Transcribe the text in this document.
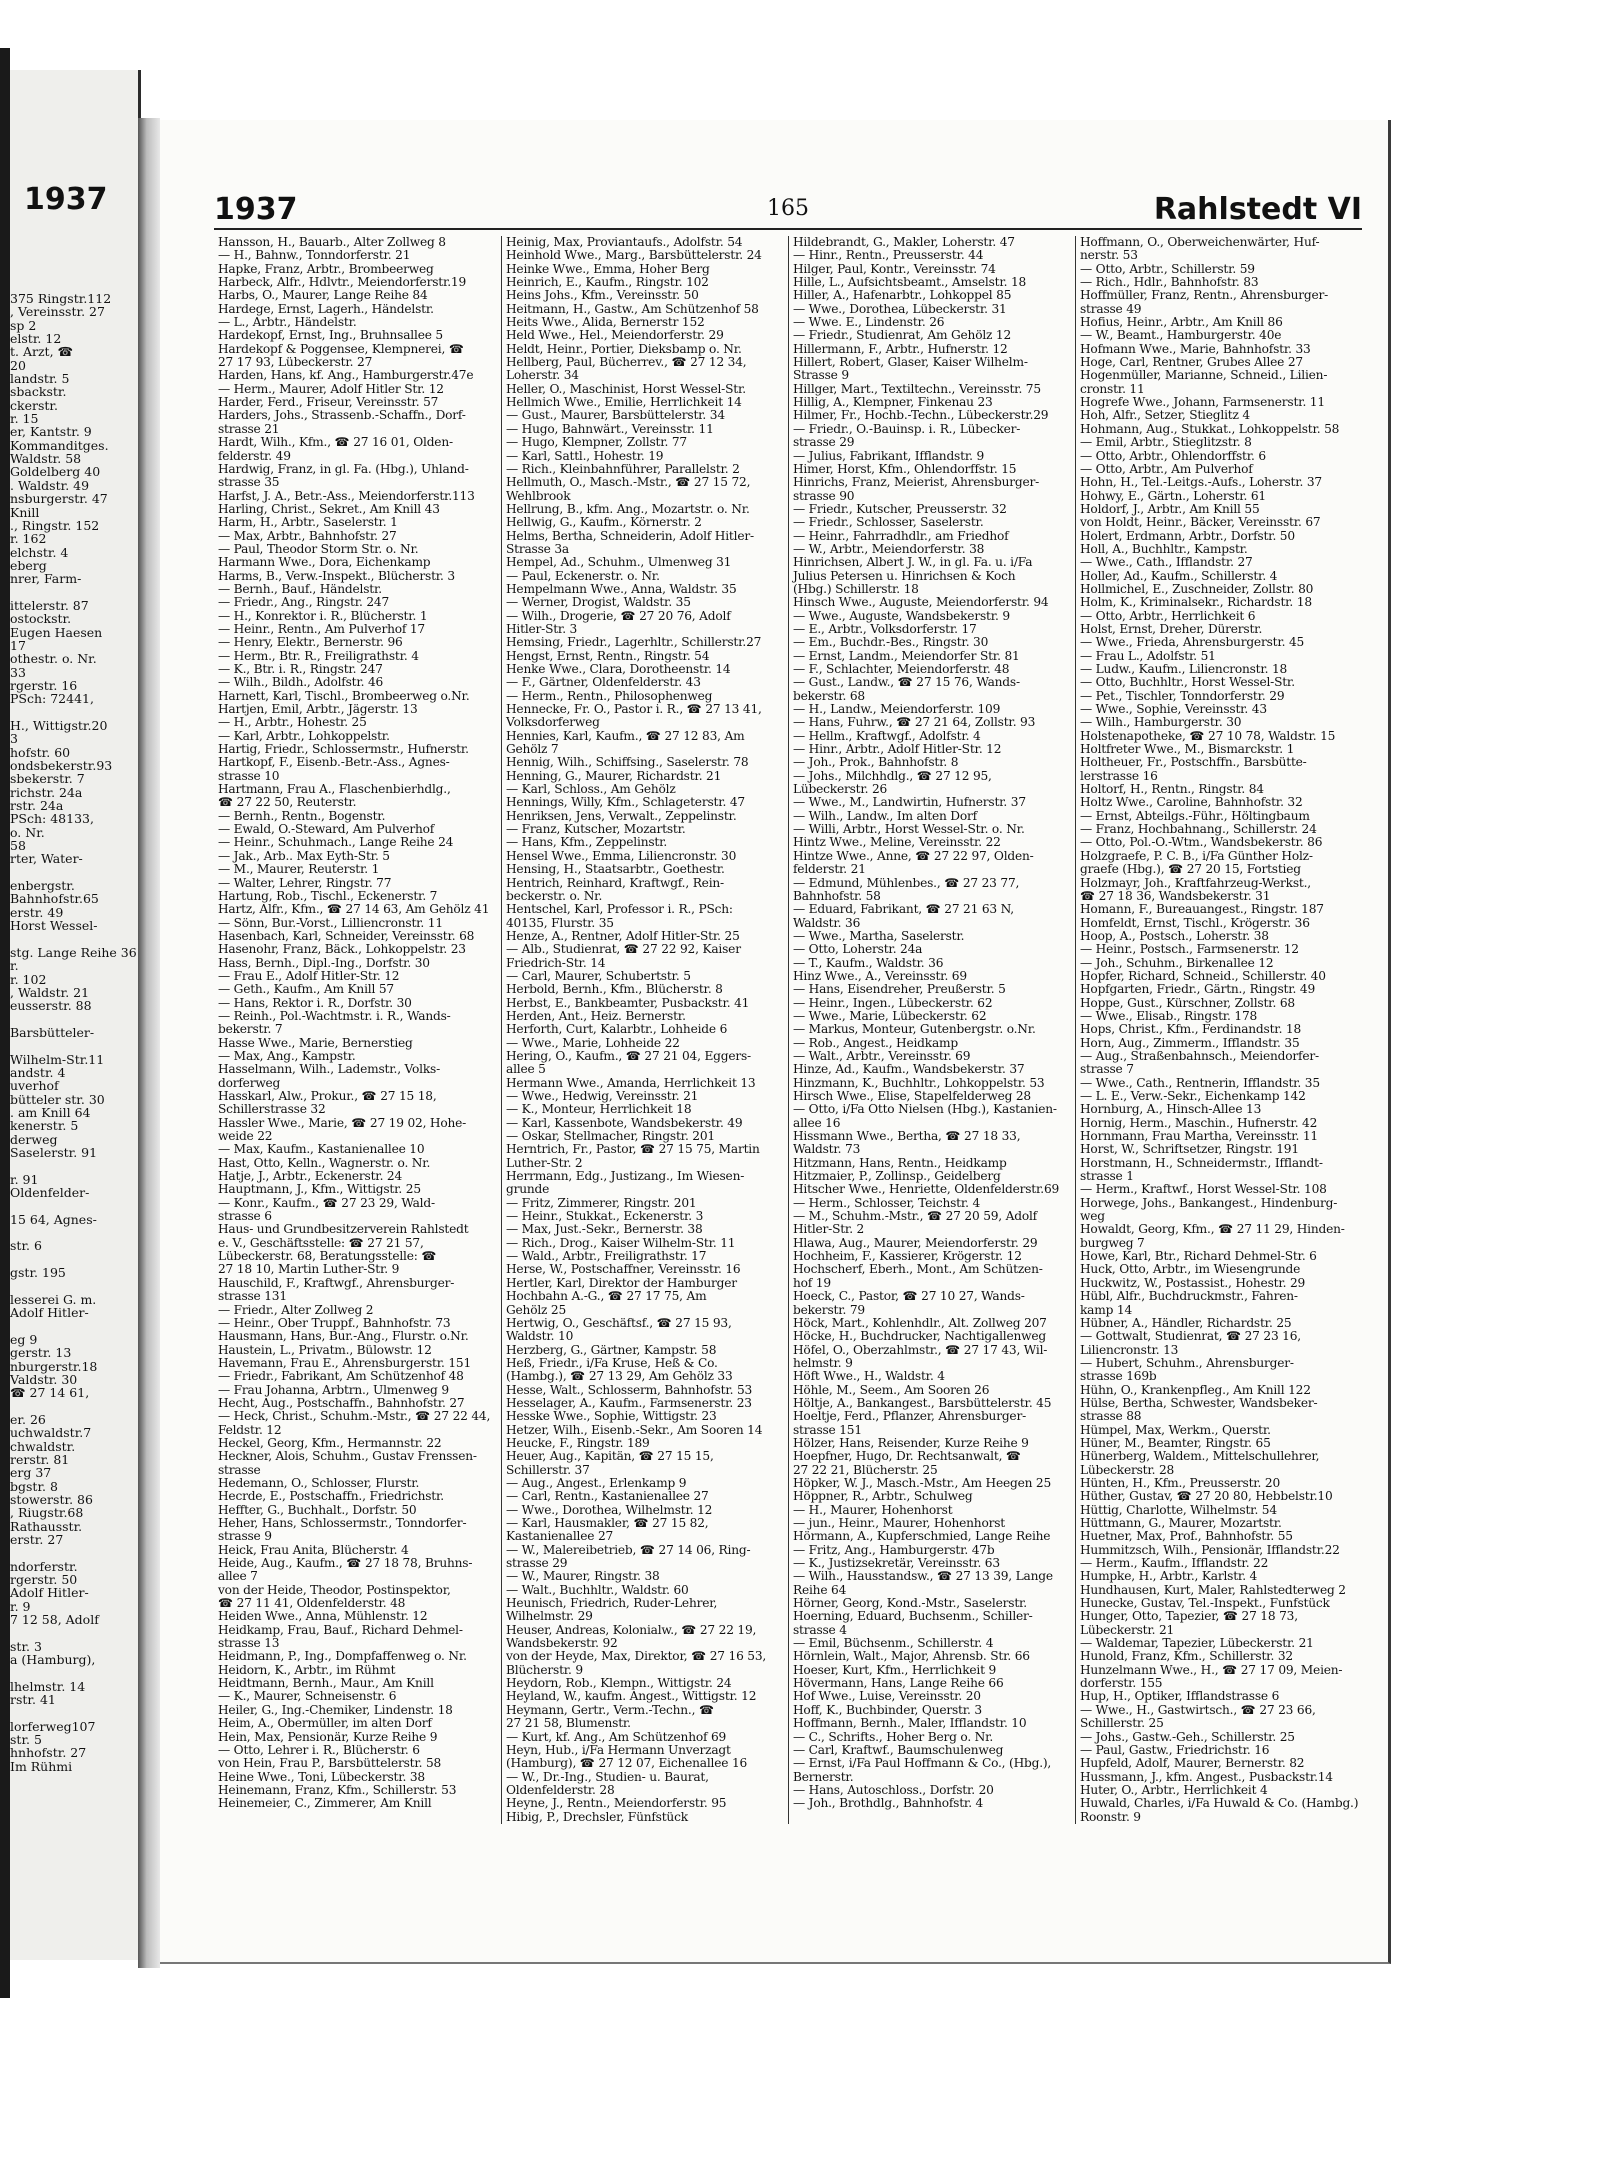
1937
375 Ringstr.112
, Vereinsstr. 27
sp 2
elstr. 12
t. Arzt, ☎
20
landstr. 5
sbackstr.
ckerstr.
r. 15
er, Kantstr. 9
Kommanditges.
Waldstr. 58
Goldelberg 40
. Waldstr. 49
nsburgerstr. 47
Knill
., Ringstr. 152
r. 162
elchstr. 4
eberg
nrer, Farm-
ittelerstr. 87
ostockstr.
Eugen Haesen
17
othestr. o. Nr.
33
rgerstr. 16
PSch: 72441,
H., Wittigstr.20
3
hofstr. 60
ondsbekerstr.93
sbekerstr. 7
richstr. 24a
rstr. 24a
PSch: 48133,
o. Nr.
58
rter, Water-
enbergstr.
Bahnhofstr.65
erstr. 49
Horst Wessel-
stg. Lange Reihe 36
r.
r. 102
, Waldstr. 21
eusserstr. 88
Barsbütteler-
Wilhelm-Str.11
andstr. 4
uverhof
bütteler str. 30
. am Knill 64
kenerstr. 5
derweg
Saselerstr. 91
r. 91
Oldenfelder-
15 64, Agnes-
str. 6
gstr. 195
lesserei G. m.
Adolf Hitler-
eg 9
gerstr. 13
nburgerstr.18
Valdstr. 30
☎ 27 14 61,
er. 26
uchwaldstr.7
chwaldstr.
rerstr. 81
erg 37
bgstr. 8
stowerstr. 86
, Riugstr.68
Rathausstr.
erstr. 27
ndorferstr.
rgerstr. 50
Adolf Hitler-
r. 9
7 12 58, Adolf
str. 3
a (Hamburg),
lhelmstr. 14
rstr. 41
lorferweg107
str. 5
hnhofstr. 27
Im Rühmi
1937	165	Rahlstedt VI
Hansson, H., Bauarb., Alter Zollweg 8
— H., Bahnw., Tonndorferstr. 21
Hapke, Franz, Arbtr., Brombeerweg
Harbeck, Alfr., Hdlvtr., Meiendorferstr.19
Harbs, O., Maurer, Lange Reihe 84
Hardege, Ernst, Lagerh., Händelstr.
— L., Arbtr., Händelstr.
Hardekopf, Ernst, Ing., Bruhnsallee 5
Hardekopf & Poggensee, Klempnerei, ☎
27 17 93, Lübeckerstr. 27
Harden, Hans, kf. Ang., Hamburgerstr.47e
— Herm., Maurer, Adolf Hitler Str. 12
Harder, Ferd., Friseur, Vereinsstr. 57
Harders, Johs., Strassenb.-Schaffn., Dorf-
strasse 21
Hardt, Wilh., Kfm., ☎ 27 16 01, Olden-
felderstr. 49
Hardwig, Franz, in gl. Fa. (Hbg.), Uhland-
strasse 35
Harfst, J. A., Betr.-Ass., Meiendorferstr.113
Harling, Christ., Sekret., Am Knill 43
Harm, H., Arbtr., Saselerstr. 1
— Max, Arbtr., Bahnhofstr. 27
— Paul, Theodor Storm Str. o. Nr.
Harmann Wwe., Dora, Eichenkamp
Harms, B., Verw.-Inspekt., Blücherstr. 3
— Bernh., Bauf., Händelstr.
— Friedr., Ang., Ringstr. 247
— H., Konrektor i. R., Blücherstr. 1
— Heinr., Rentn., Am Pulverhof 17
— Henry, Elektr., Bernerstr. 96
— Herm., Btr. R., Freiligrathstr. 4
— K., Btr. i. R., Ringstr. 247
— Wilh., Bildh., Adolfstr. 46
Harnett, Karl, Tischl., Brombeerweg o.Nr.
Hartjen, Emil, Arbtr., Jägerstr. 13
— H., Arbtr., Hohestr. 25
— Karl, Arbtr., Lohkoppelstr.
Hartig, Friedr., Schlossermstr., Hufnerstr.
Hartkopf, F., Eisenb.-Betr.-Ass., Agnes-
strasse 10
Hartmann, Frau A., Flaschenbierhdlg.,
☎ 27 22 50, Reuterstr.
— Bernh., Rentn., Bogenstr.
— Ewald, O.-Steward, Am Pulverhof
— Heinr., Schuhmach., Lange Reihe 24
— Jak., Arb.. Max Eyth-Str. 5
— M., Maurer, Reuterstr. 1
— Walter, Lehrer, Ringstr. 77
Hartung, Rob., Tischl., Eckenerstr. 7
Hartz, Alfr., Kfm., ☎ 27 14 63, Am Gehölz 41
— Sönn, Bur.-Vorst., Lilliencronstr. 11
Hasenbach, Karl, Schneider, Vereinsstr. 68
Hasenohr, Franz, Bäck., Lohkoppelstr. 23
Hass, Bernh., Dipl.-Ing., Dorfstr. 30
— Frau E., Adolf Hitler-Str. 12
— Geth., Kaufm., Am Knill 57
— Hans, Rektor i. R., Dorfstr. 30
— Reinh., Pol.-Wachtmstr. i. R., Wands-
bekerstr. 7
Hasse Wwe., Marie, Bernerstieg
— Max, Ang., Kampstr.
Hasselmann, Wilh., Lademstr., Volks-
dorferweg
Hasskarl, Alw., Prokur., ☎ 27 15 18,
Schillerstrasse 32
Hassler Wwe., Marie, ☎ 27 19 02, Hohe-
weide 22
— Max, Kaufm., Kastanienallee 10
Hast, Otto, Kelln., Wagnerstr. o. Nr.
Hatje, J., Arbtr., Eckenerstr. 24
Hauptmann, J., Kfm., Wittigstr. 25
— Konr., Kaufm., ☎ 27 23 29, Wald-
strasse 6
Haus- und Grundbesitzerverein Rahlstedt
e. V., Geschäftsstelle: ☎ 27 21 57,
Lübeckerstr. 68, Beratungsstelle: ☎
27 18 10, Martin Luther-Str. 9
Hauschild, F., Kraftwgf., Ahrensburger-
strasse 131
— Friedr., Alter Zollweg 2
— Heinr., Ober Truppf., Bahnhofstr. 73
Hausmann, Hans, Bur.-Ang., Flurstr. o.Nr.
Haustein, L., Privatm., Bülowstr. 12
Havemann, Frau E., Ahrensburgerstr. 151
— Friedr., Fabrikant, Am Schützenhof 48
— Frau Johanna, Arbtrn., Ulmenweg 9
Hecht, Aug., Postschaffn., Bahnhofstr. 27
— Heck, Christ., Schuhm.-Mstr., ☎ 27 22 44,
Feldstr. 12
Heckel, Georg, Kfm., Hermannstr. 22
Heckner, Alois, Schuhm., Gustav Frenssen-
strasse
Hedemann, O., Schlosser, Flurstr.
Hecrde, E., Postschaffn., Friedrichstr.
Heffter, G., Buchhalt., Dorfstr. 50
Heher, Hans, Schlossermstr., Tonndorfer-
strasse 9
Heick, Frau Anita, Blücherstr. 4
Heide, Aug., Kaufm., ☎ 27 18 78, Bruhns-
allee 7
von der Heide, Theodor, Postinspektor,
☎ 27 11 41, Oldenfelderstr. 48
Heiden Wwe., Anna, Mühlenstr. 12
Heidkamp, Frau, Bauf., Richard Dehmel-
strasse 13
Heidmann, P., Ing., Dompfaffenweg o. Nr.
Heidorn, K., Arbtr., im Rühmt
Heidtmann, Bernh., Maur., Am Knill
— K., Maurer, Schneisenstr. 6
Heiler, G., Ing.-Chemiker, Lindenstr. 18
Heim, A., Obermüller, im alten Dorf
Hein, Max, Pensionär, Kurze Reihe 9
— Otto, Lehrer i. R., Blücherstr. 6
von Hein, Frau P., Barsbüttelerstr. 58
Heine Wwe., Toni, Lübeckerstr. 38
Heinemann, Franz, Kfm., Schillerstr. 53
Heinemeier, C., Zimmerer, Am Knill
Heinig, Max, Proviantaufs., Adolfstr. 54
Heinhold Wwe., Marg., Barsbüttelerstr. 24
Heinke Wwe., Emma, Hoher Berg
Heinrich, E., Kaufm., Ringstr. 102
Heins Johs., Kfm., Vereinsstr. 50
Heitmann, H., Gastw., Am Schützenhof 58
Heits Wwe., Alida, Bernerstr 152
Held Wwe., Hel., Meiendorferstr. 29
Heldt, Heinr., Portier, Dieksbamp o. Nr.
Hellberg, Paul, Bücherrev., ☎ 27 12 34,
Loherstr. 34
Heller, O., Maschinist, Horst Wessel-Str.
Hellmich Wwe., Emilie, Herrlichkeit 14
— Gust., Maurer, Barsbüttelerstr. 34
— Hugo, Bahnwärt., Vereinsstr. 11
— Hugo, Klempner, Zollstr. 77
— Karl, Sattl., Hohestr. 19
— Rich., Kleinbahnführer, Parallelstr. 2
Hellmuth, O., Masch.-Mstr., ☎ 27 15 72,
Wehlbrook
Hellrung, B., kfm. Ang., Mozartstr. o. Nr.
Hellwig, G., Kaufm., Körnerstr. 2
Helms, Bertha, Schneiderin, Adolf Hitler-
Strasse 3a
Hempel, Ad., Schuhm., Ulmenweg 31
— Paul, Eckenerstr. o. Nr.
Hempelmann Wwe., Anna, Waldstr. 35
— Werner, Drogist, Waldstr. 35
— Wilh., Drogerie, ☎ 27 20 76, Adolf
Hitler-Str. 3
Hemsing, Friedr., Lagerhltr., Schillerstr.27
Hengst, Ernst, Rentn., Ringstr. 54
Henke Wwe., Clara, Dorotheenstr. 14
— F., Gärtner, Oldenfelderstr. 43
— Herm., Rentn., Philosophenweg
Hennecke, Fr. O., Pastor i. R., ☎ 27 13 41,
Volksdorferweg
Hennies, Karl, Kaufm., ☎ 27 12 83, Am
Gehölz 7
Hennig, Wilh., Schiffsing., Saselerstr. 78
Henning, G., Maurer, Richardstr. 21
— Karl, Schloss., Am Gehölz
Hennings, Willy, Kfm., Schlageterstr. 47
Henriksen, Jens, Verwalt., Zeppelinstr.
— Franz, Kutscher, Mozartstr.
— Hans, Kfm., Zeppelinstr.
Hensel Wwe., Emma, Liliencronstr. 30
Hensing, H., Staatsarbtr., Goethestr.
Hentrich, Reinhard, Kraftwgf., Rein-
beckerstr. o. Nr.
Hentschel, Karl, Professor i. R., PSch:
40135, Flurstr. 35
Henze, A., Rentner, Adolf Hitler-Str. 25
— Alb., Studienrat, ☎ 27 22 92, Kaiser
Friedrich-Str. 14
— Carl, Maurer, Schubertstr. 5
Herbold, Bernh., Kfm., Blücherstr. 8
Herbst, E., Bankbeamter, Pusbackstr. 41
Herden, Ant., Heiz. Bernerstr.
Herforth, Curt, Kalarbtr., Lohheide 6
— Wwe., Marie, Lohheide 22
Hering, O., Kaufm., ☎ 27 21 04, Eggers-
allee 5
Hermann Wwe., Amanda, Herrlichkeit 13
— Wwe., Hedwig, Vereinsstr. 21
— K., Monteur, Herrlichkeit 18
— Karl, Kassenbote, Wandsbekerstr. 49
— Oskar, Stellmacher, Ringstr. 201
Herntrich, Fr., Pastor, ☎ 27 15 75, Martin
Luther-Str. 2
Herrmann, Edg., Justizang., Im Wiesen-
grunde
— Fritz, Zimmerer, Ringstr. 201
— Heinr., Stukkat., Eckenerstr. 3
— Max, Just.-Sekr., Bernerstr. 38
— Rich., Drog., Kaiser Wilhelm-Str. 11
— Wald., Arbtr., Freiligrathstr. 17
Herse, W., Postschaffner, Vereinsstr. 16
Hertler, Karl, Direktor der Hamburger
Hochbahn A.-G., ☎ 27 17 75, Am
Gehölz 25
Hertwig, O., Geschäftsf., ☎ 27 15 93,
Waldstr. 10
Herzberg, G., Gärtner, Kampstr. 58
Heß, Friedr., i/Fa Kruse, Heß & Co.
(Hambg.), ☎ 27 13 29, Am Gehölz 33
Hesse, Walt., Schlosserm, Bahnhofstr. 53
Hesselager, A., Kaufm., Farmsenerstr. 23
Hesske Wwe., Sophie, Wittigstr. 23
Hetzer, Wilh., Eisenb.-Sekr., Am Sooren 14
Heucke, F., Ringstr. 189
Heuer, Aug., Kapitän, ☎ 27 15 15,
Schillerstr. 37
— Aug., Angest., Erlenkamp 9
— Carl, Rentn., Kastanienallee 27
— Wwe., Dorothea, Wilhelmstr. 12
— Karl, Hausmakler, ☎ 27 15 82,
Kastanienallee 27
— W., Malereibetrieb, ☎ 27 14 06, Ring-
strasse 29
— W., Maurer, Ringstr. 38
— Walt., Buchhltr., Waldstr. 60
Heunisch, Friedrich, Ruder-Lehrer,
Wilhelmstr. 29
Heuser, Andreas, Kolonialw., ☎ 27 22 19,
Wandsbekerstr. 92
von der Heyde, Max, Direktor, ☎ 27 16 53,
Blücherstr. 9
Heydorn, Rob., Klempn., Wittigstr. 24
Heyland, W., kaufm. Angest., Wittigstr. 12
Heymann, Gertr., Verm.-Techn., ☎
27 21 58, Blumenstr.
— Kurt, kf. Ang., Am Schützenhof 69
Heyn, Hub., i/Fa Hermann Unverzagt
(Hamburg), ☎ 27 12 07, Eichenallee 16
— W., Dr.-Ing., Studien- u. Baurat,
Oldenfelderstr. 28
Heyne, J., Rentn., Meiendorferstr. 95
Hibig, P., Drechsler, Fünfstück
Hildebrandt, G., Makler, Loherstr. 47
— Hinr., Rentn., Preusserstr. 44
Hilger, Paul, Kontr., Vereinsstr. 74
Hille, L., Aufsichtsbeamt., Amselstr. 18
Hiller, A., Hafenarbtr., Lohkoppel 85
— Wwe., Dorothea, Lübeckerstr. 31
— Wwe. E., Lindenstr. 26
— Friedr., Studienrat, Am Gehölz 12
Hillermann, F., Arbtr., Hufnerstr. 12
Hillert, Robert, Glaser, Kaiser Wilhelm-
Strasse 9
Hillger, Mart., Textiltechn., Vereinsstr. 75
Hillig, A., Klempner, Finkenau 23
Hilmer, Fr., Hochb.-Techn., Lübeckerstr.29
— Friedr., O.-Bauinsp. i. R., Lübecker-
strasse 29
— Julius, Fabrikant, Ifflandstr. 9
Himer, Horst, Kfm., Ohlendorffstr. 15
Hinrichs, Franz, Meierist, Ahrensburger-
strasse 90
— Friedr., Kutscher, Preusserstr. 32
— Friedr., Schlosser, Saselerstr.
— Heinr., Fahrradhdlr., am Friedhof
— W., Arbtr., Meiendorferstr. 38
Hinrichsen, Albert J. W., in gl. Fa. u. i/Fa
Julius Petersen u. Hinrichsen & Koch
(Hbg.) Schillerstr. 18
Hinsch Wwe., Auguste, Meiendorferstr. 94
— Wwe., Auguste, Wandsbekerstr. 9
— E., Arbtr., Volksdorferstr. 17
— Em., Buchdr.-Bes., Ringstr. 30
— Ernst, Landm., Meiendorfer Str. 81
— F., Schlachter, Meiendorferstr. 48
— Gust., Landw., ☎ 27 15 76, Wands-
bekerstr. 68
— H., Landw., Meiendorferstr. 109
— Hans, Fuhrw., ☎ 27 21 64, Zollstr. 93
— Hellm., Kraftwgf., Adolfstr. 4
— Hinr., Arbtr., Adolf Hitler-Str. 12
— Joh., Prok., Bahnhofstr. 8
— Johs., Milchhdlg., ☎ 27 12 95,
Lübeckerstr. 26
— Wwe., M., Landwirtin, Hufnerstr. 37
— Wilh., Landw., Im alten Dorf
— Willi, Arbtr., Horst Wessel-Str. o. Nr.
Hintz Wwe., Meline, Vereinsstr. 22
Hintze Wwe., Anne, ☎ 27 22 97, Olden-
felderstr. 21
— Edmund, Mühlenbes., ☎ 27 23 77,
Bahnhofstr. 58
— Eduard, Fabrikant, ☎ 27 21 63 N,
Waldstr. 36
— Wwe., Martha, Saselerstr.
— Otto, Loherstr. 24a
— T., Kaufm., Waldstr. 36
Hinz Wwe., A., Vereinsstr. 69
— Hans, Eisendreher, Preußerstr. 5
— Heinr., Ingen., Lübeckerstr. 62
— Wwe., Marie, Lübeckerstr. 62
— Markus, Monteur, Gutenbergstr. o.Nr.
— Rob., Angest., Heidkamp
— Walt., Arbtr., Vereinsstr. 69
Hinze, Ad., Kaufm., Wandsbekerstr. 37
Hinzmann, K., Buchhltr., Lohkoppelstr. 53
Hirsch Wwe., Elise, Stapelfelderweg 28
— Otto, i/Fa Otto Nielsen (Hbg.), Kastanien-
allee 16
Hissmann Wwe., Bertha, ☎ 27 18 33,
Waldstr. 73
Hitzmann, Hans, Rentn., Heidkamp
Hitzmaier, P., Zollinsp., Geidelberg
Hitscher Wwe., Henriette, Oldenfelderstr.69
— Herm., Schlosser, Teichstr. 4
— M., Schuhm.-Mstr., ☎ 27 20 59, Adolf
Hitler-Str. 2
Hlawa, Aug., Maurer, Meiendorferstr. 29
Hochheim, F., Kassierer, Krögerstr. 12
Hochscherf, Eberh., Mont., Am Schützen-
hof 19
Hoeck, C., Pastor, ☎ 27 10 27, Wands-
bekerstr. 79
Höck, Mart., Kohlenhdlr., Alt. Zollweg 207
Höcke, H., Buchdrucker, Nachtigallenweg
Höfel, O., Oberzahlmstr., ☎ 27 17 43, Wil-
helmstr. 9
Höft Wwe., H., Waldstr. 4
Höhle, M., Seem., Am Sooren 26
Höltje, A., Bankangest., Barsbüttelerstr. 45
Hoeltje, Ferd., Pflanzer, Ahrensburger-
strasse 151
Hölzer, Hans, Reisender, Kurze Reihe 9
Hoepfner, Hugo, Dr. Rechtsanwalt, ☎
27 22 21, Blücherstr. 25
Höpker, W. J., Masch.-Mstr., Am Heegen 25
Höppner, R., Arbtr., Schulweg
— H., Maurer, Hohenhorst
— jun., Heinr., Maurer, Hohenhorst
Hörmann, A., Kupferschmied, Lange Reihe
— Fritz, Ang., Hamburgerstr. 47b
— K., Justizsekretär, Vereinsstr. 63
— Wilh., Hausstandsw., ☎ 27 13 39, Lange
Reihe 64
Hörner, Georg, Kond.-Mstr., Saselerstr.
Hoerning, Eduard, Buchsenm., Schiller-
strasse 4
— Emil, Büchsenm., Schillerstr. 4
Hörnlein, Walt., Major, Ahrensb. Str. 66
Hoeser, Kurt, Kfm., Herrlichkeit 9
Hövermann, Hans, Lange Reihe 66
Hof Wwe., Luise, Vereinsstr. 20
Hoff, K., Buchbinder, Querstr. 3
Hoffmann, Bernh., Maler, Ifflandstr. 10
— C., Schrifts., Hoher Berg o. Nr.
— Carl, Kraftwf., Baumschulenweg
— Ernst, i/Fa Paul Hoffmann & Co., (Hbg.),
Bernerstr.
— Hans, Autoschloss., Dorfstr. 20
— Joh., Brothdlg., Bahnhofstr. 4
Hoffmann, O., Oberweichenwärter, Huf-
nerstr. 53
— Otto, Arbtr., Schillerstr. 59
— Rich., Hdlr., Bahnhofstr. 83
Hoffmüller, Franz, Rentn., Ahrensburger-
strasse 49
Hofius, Heinr., Arbtr., Am Knill 86
— W., Beamt., Hamburgerstr. 40e
Hofmann Wwe., Marie, Bahnhofstr. 33
Hoge, Carl, Rentner, Grubes Allee 27
Hogenmüller, Marianne, Schneid., Lilien-
cronstr. 11
Hogrefe Wwe., Johann, Farmsenerstr. 11
Hoh, Alfr., Setzer, Stieglitz 4
Hohmann, Aug., Stukkat., Lohkoppelstr. 58
— Emil, Arbtr., Stieglitzstr. 8
— Otto, Arbtr., Ohlendorffstr. 6
— Otto, Arbtr., Am Pulverhof
Hohn, H., Tel.-Leitgs.-Aufs., Loherstr. 37
Hohwy, E., Gärtn., Loherstr. 61
Holdorf, J., Arbtr., Am Knill 55
von Holdt, Heinr., Bäcker, Vereinsstr. 67
Holert, Erdmann, Arbtr., Dorfstr. 50
Holl, A., Buchhltr., Kampstr.
— Wwe., Cath., Ifflandstr. 27
Holler, Ad., Kaufm., Schillerstr. 4
Hollmichel, E., Zuschneider, Zollstr. 80
Holm, K., Kriminalsekr., Richardstr. 18
— Otto, Arbtr., Herrlichkeit 6
Holst, Ernst, Dreher, Dürerstr.
— Wwe., Frieda, Ahrensburgerstr. 45
— Frau L., Adolfstr. 51
— Ludw., Kaufm., Liliencronstr. 18
— Otto, Buchhltr., Horst Wessel-Str.
— Pet., Tischler, Tonndorferstr. 29
— Wwe., Sophie, Vereinsstr. 43
— Wilh., Hamburgerstr. 30
Holstenapotheke, ☎ 27 10 78, Waldstr. 15
Holtfreter Wwe., M., Bismarckstr. 1
Holtheuer, Fr., Postschffn., Barsbütte-
lerstrasse 16
Holtorf, H., Rentn., Ringstr. 84
Holtz Wwe., Caroline, Bahnhofstr. 32
— Ernst, Abteilgs.-Führ., Höltingbaum
— Franz, Hochbahnang., Schillerstr. 24
— Otto, Pol.-O.-Wtm., Wandsbekerstr. 86
Holzgraefe, P. C. B., i/Fa Günther Holz-
graefe (Hbg.), ☎ 27 20 15, Fortstieg
Holzmayr, Joh., Kraftfahrzeug-Werkst.,
☎ 27 18 36, Wandsbekerstr. 31
Homann, F., Bureauangest., Ringstr. 187
Homfeldt, Ernst, Tischl., Krögerstr. 36
Hoop, A., Postsch., Loherstr. 38
— Heinr., Postsch., Farmsenerstr. 12
— Joh., Schuhm., Birkenallee 12
Hopfer, Richard, Schneid., Schillerstr. 40
Hopfgarten, Friedr., Gärtn., Ringstr. 49
Hoppe, Gust., Kürschner, Zollstr. 68
— Wwe., Elisab., Ringstr. 178
Hops, Christ., Kfm., Ferdinandstr. 18
Horn, Aug., Zimmerm., Ifflandstr. 35
— Aug., Straßenbahnsch., Meiendorfer-
strasse 7
— Wwe., Cath., Rentnerin, Ifflandstr. 35
— L. E., Verw.-Sekr., Eichenkamp 142
Hornburg, A., Hinsch-Allee 13
Hornig, Herm., Maschin., Hufnerstr. 42
Hornmann, Frau Martha, Vereinsstr. 11
Horst, W., Schriftsetzer, Ringstr. 191
Horstmann, H., Schneidermstr., Ifflandt-
strasse 1
— Herm., Kraftwf., Horst Wessel-Str. 108
Horwege, Johs., Bankangest., Hindenburg-
weg
Howaldt, Georg, Kfm., ☎ 27 11 29, Hinden-
burgweg 7
Howe, Karl, Btr., Richard Dehmel-Str. 6
Huck, Otto, Arbtr., im Wiesengrunde
Huckwitz, W., Postassist., Hohestr. 29
Hübl, Alfr., Buchdruckmstr., Fahren-
kamp 14
Hübner, A., Händler, Richardstr. 25
— Gottwalt, Studienrat, ☎ 27 23 16,
Liliencronstr. 13
— Hubert, Schuhm., Ahrensburger-
strasse 169b
Hühn, O., Krankenpfleg., Am Knill 122
Hülse, Bertha, Schwester, Wandsbeker-
strasse 88
Hümpel, Max, Werkm., Querstr.
Hüner, M., Beamter, Ringstr. 65
Hünerberg, Waldem., Mittelschullehrer,
Lübeckerstr. 28
Hünten, H., Kfm., Preusserstr. 20
Hüther, Gustav, ☎ 27 20 80, Hebbelstr.10
Hüttig, Charlotte, Wilhelmstr. 54
Hüttmann, G., Maurer, Mozartstr.
Huetner, Max, Prof., Bahnhofstr. 55
Hummitzsch, Wilh., Pensionär, Ifflandstr.22
— Herm., Kaufm., Ifflandstr. 22
Humpke, H., Arbtr., Karlstr. 4
Hundhausen, Kurt, Maler, Rahlstedterweg 2
Hunecke, Gustav, Tel.-Inspekt., Funfstück
Hunger, Otto, Tapezier, ☎ 27 18 73,
Lübeckerstr. 21
— Waldemar, Tapezier, Lübeckerstr. 21
Hunold, Franz, Kfm., Schillerstr. 32
Hunzelmann Wwe., H., ☎ 27 17 09, Meien-
dorferstr. 155
Hup, H., Optiker, Ifflandstrasse 6
— Wwe., H., Gastwirtsch., ☎ 27 23 66,
Schillerstr. 25
— Johs., Gastw.-Geh., Schillerstr. 25
— Paul, Gastw., Friedrichstr. 16
Hupfeld, Adolf, Maurer, Bernerstr. 82
Hussmann, J., kfm. Angest., Pusbackstr.14
Huter, O., Arbtr., Herrlichkeit 4
Huwald, Charles, i/Fa Huwald & Co. (Hambg.)
Roonstr. 9
